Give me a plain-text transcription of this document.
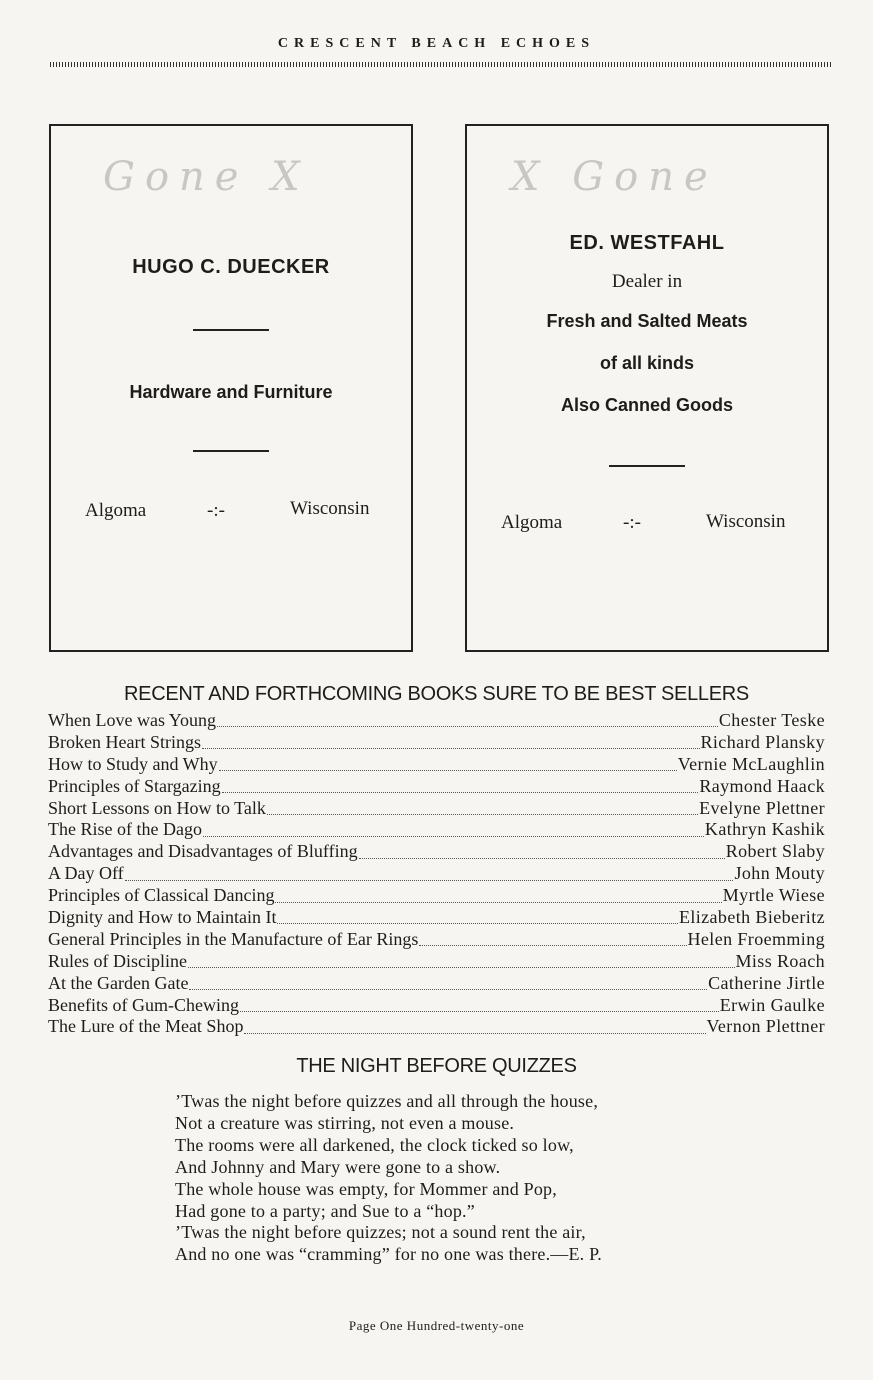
CRESCENT BEACH ECHOES
Gone X
HUGO C. DUECKER
Hardware and Furniture
Algoma	-:-	Wisconsin
X Gone
ED. WESTFAHL
Dealer in
Fresh and Salted Meats
of all kinds
Also Canned Goods
Algoma	-:-	Wisconsin
RECENT AND FORTHCOMING BOOKS SURE TO BE BEST SELLERS
When Love was Young	Chester Teske
Broken Heart Strings	Richard Plansky
How to Study and Why	Vernie McLaughlin
Principles of Stargazing	Raymond Haack
Short Lessons on How to Talk	Evelyne Plettner
The Rise of the Dago	Kathryn Kashik
Advantages and Disadvantages of Bluffing	Robert Slaby
A Day Off	John Mouty
Principles of Classical Dancing	Myrtle Wiese
Dignity and How to Maintain It	Elizabeth Bieberitz
General Principles in the Manufacture of Ear Rings	Helen Froemming
Rules of Discipline	Miss Roach
At the Garden Gate	Catherine Jirtle
Benefits of Gum-Chewing	Erwin Gaulke
The Lure of the Meat Shop	Vernon Plettner
THE NIGHT BEFORE QUIZZES
’Twas the night before quizzes and all through the house,
Not a creature was stirring, not even a mouse.
The rooms were all darkened, the clock ticked so low,
And Johnny and Mary were gone to a show.
The whole house was empty, for Mommer and Pop,
Had gone to a party; and Sue to a “hop.”
’Twas the night before quizzes; not a sound rent the air,
And no one was “cramming” for no one was there.—E. P.
Page One Hundred-twenty-one
